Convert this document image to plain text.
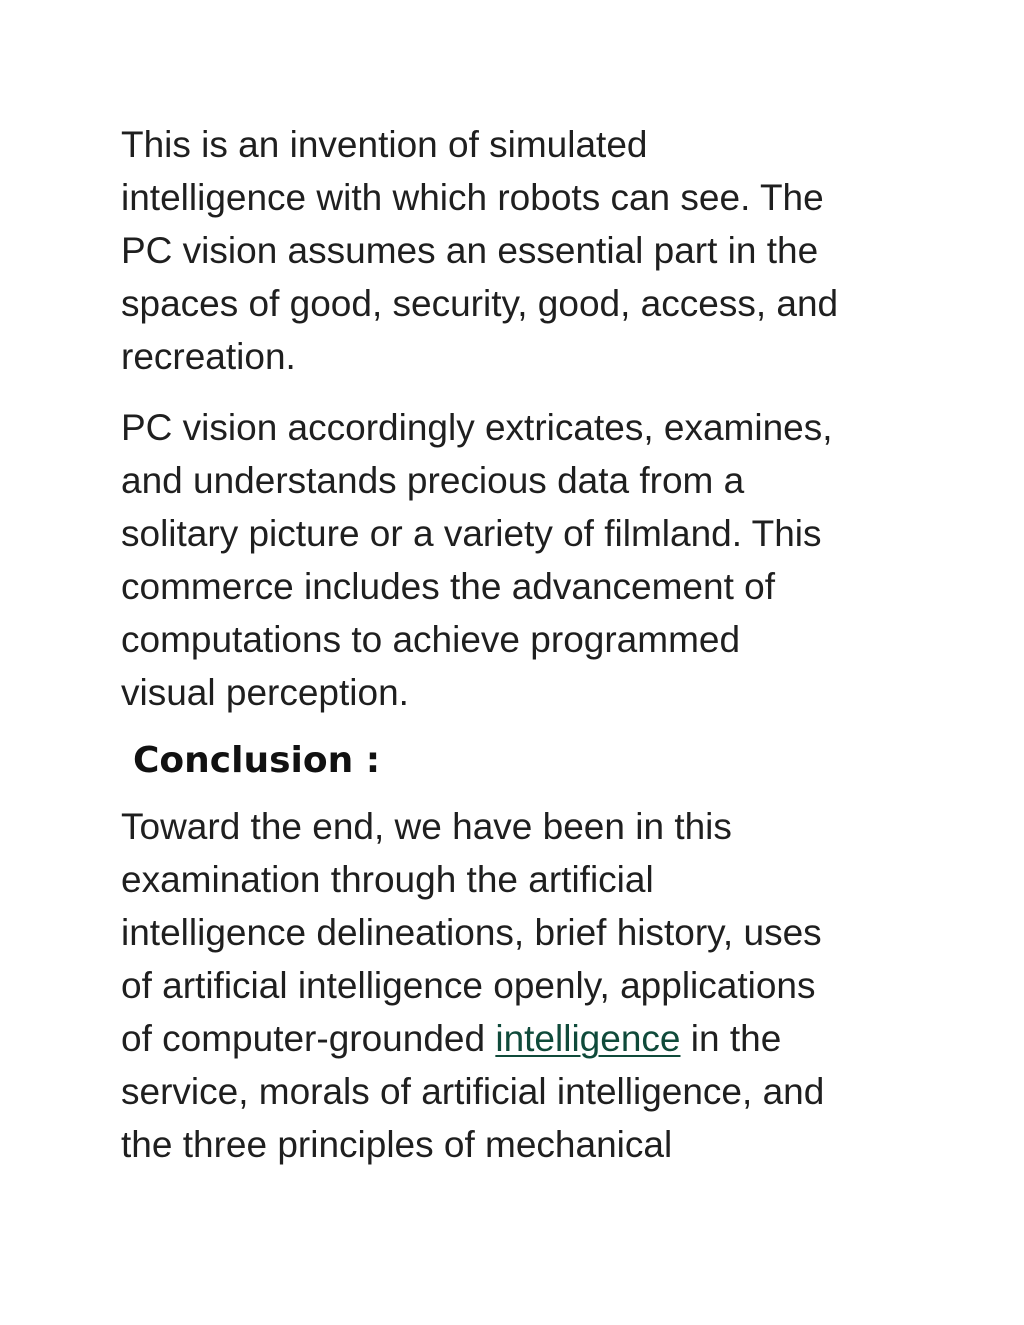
This is an invention of simulated
intelligence with which robots can see. The
PC vision assumes an essential part in the
spaces of good, security, good, access, and
recreation.

PC vision accordingly extricates, examines,
and understands precious data from a
solitary picture or a variety of filmland. This
commerce includes the advancement of
computations to achieve programmed
visual perception.

Conclusion :

Toward the end, we have been in this
examination through the artificial
intelligence delineations, brief history, uses
of artificial intelligence openly, applications
of computer-grounded intelligence in the
service, morals of artificial intelligence, and
the three principles of mechanical
